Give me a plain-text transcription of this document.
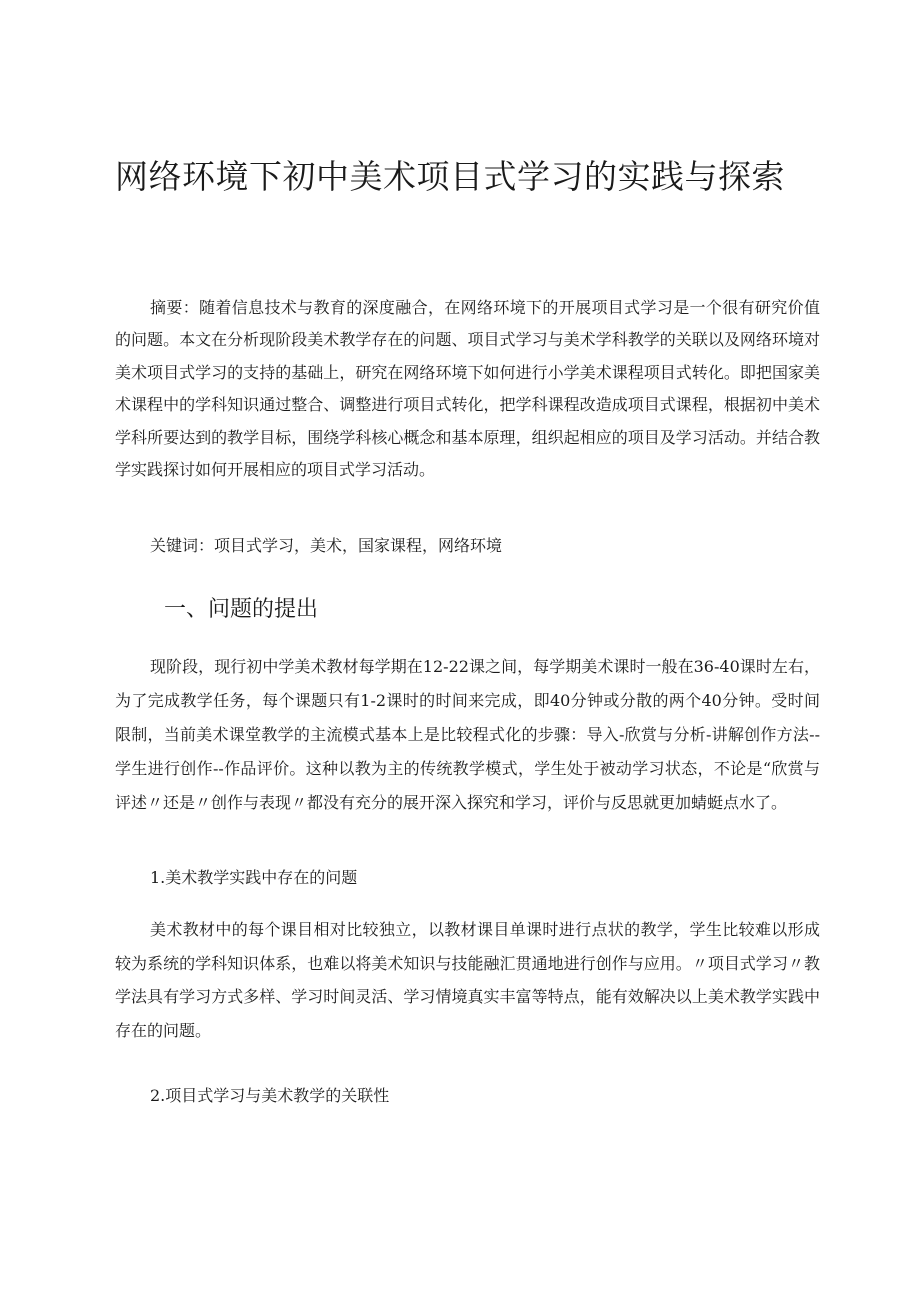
网络环境下初中美术项目式学习的实践与探索

摘要：随着信息技术与教育的深度融合，在网络环境下的开展项目式学习是一个很有研究价值的问题。本文在分析现阶段美术教学存在的问题、项目式学习与美术学科教学的关联以及网络环境对美术项目式学习的支持的基础上，研究在网络环境下如何进行小学美术课程项目式转化。即把国家美术课程中的学科知识通过整合、调整进行项目式转化，把学科课程改造成项目式课程，根据初中美术学科所要达到的教学目标，围绕学科核心概念和基本原理，组织起相应的项目及学习活动。并结合教学实践探讨如何开展相应的项目式学习活动。

关键词：项目式学习，美术，国家课程，网络环境

一、问题的提出

现阶段，现行初中学美术教材每学期在12-22课之间，每学期美术课时一般在36-40课时左右，为了完成教学任务，每个课题只有1-2课时的时间来完成，即40分钟或分散的两个40分钟。受时间限制，当前美术课堂教学的主流模式基本上是比较程式化的步骤：导入-欣赏与分析-讲解创作方法--学生进行创作--作品评价。这种以教为主的传统教学模式，学生处于被动学习状态，不论是“欣赏与评述〃还是〃创作与表现〃都没有充分的展开深入探究和学习，评价与反思就更加蜻蜓点水了。

1.美术教学实践中存在的问题

美术教材中的每个课目相对比较独立，以教材课目单课时进行点状的教学，学生比较难以形成较为系统的学科知识体系，也难以将美术知识与技能融汇贯通地进行创作与应用。〃项目式学习〃教学法具有学习方式多样、学习时间灵活、学习情境真实丰富等特点，能有效解决以上美术教学实践中存在的问题。

2.项目式学习与美术教学的关联性
